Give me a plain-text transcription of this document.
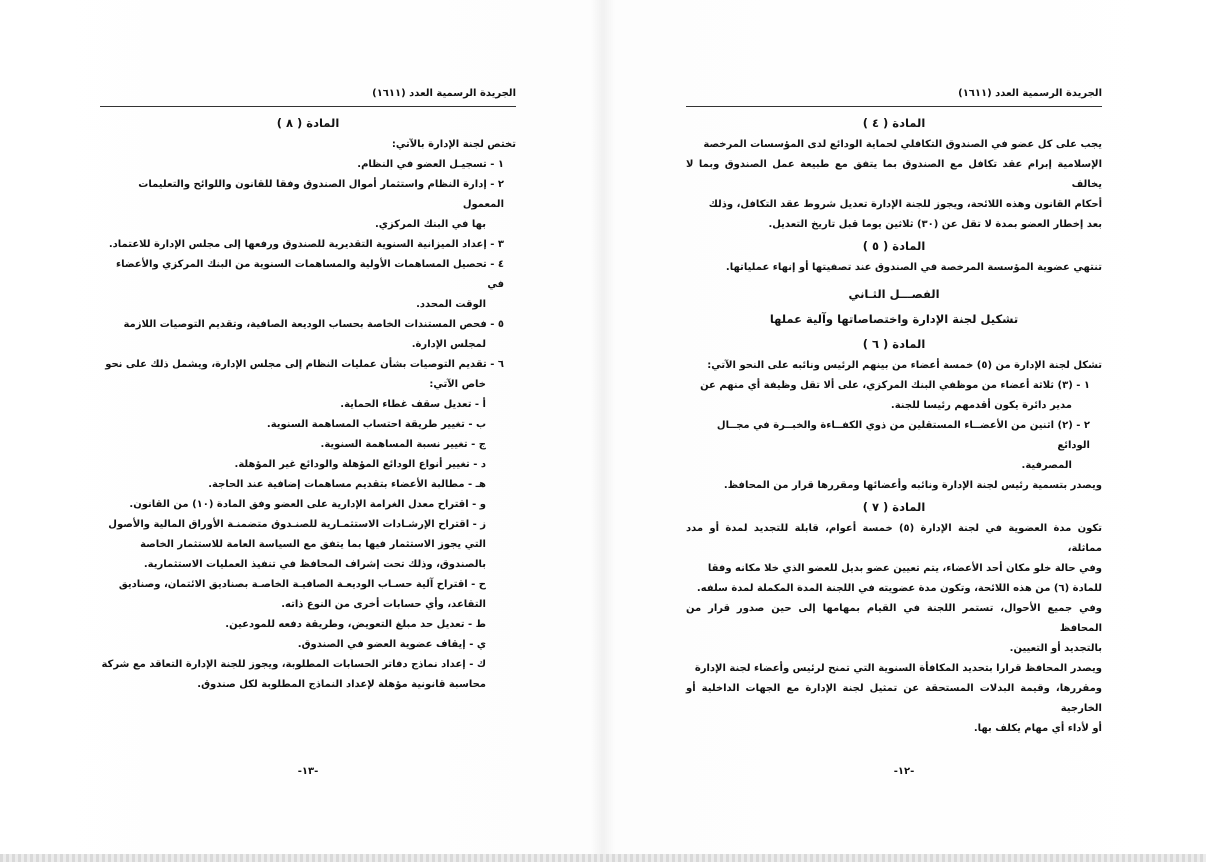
الجريدة الرسمية العدد (١٦١١)
المادة ( ٤ )
يجب على كل عضو في الصندوق التكافلي لحماية الودائع لدى المؤسسات المرخصة
الإسلامية إبرام عقد تكافل مع الصندوق بما يتفق مع طبيعة عمل الصندوق وبما لا يخالف
أحكام القانون وهذه اللائحة، ويجوز للجنة الإدارة تعديل شروط عقد التكافل، وذلك
بعد إخطار العضو بمدة لا تقل عن (٣٠) ثلاثين يوما قبل تاريخ التعديل.
المادة ( ٥ )
تنتهي عضوية المؤسسة المرخصة في الصندوق عند تصفيتها أو إنهاء عملياتها.
الفصـــل الثـاني
تشكيل لجنة الإدارة واختصاصاتها وآلية عملها
المادة ( ٦ )
تشكل لجنة الإدارة من (٥) خمسة أعضاء من بينهم الرئيس ونائبه على النحو الآتي:
١ - (٣) ثلاثة أعضاء من موظفي البنك المركزي، على ألا تقل وظيفة أي منهم عن
مدير دائرة يكون أقدمهم رئيسا للجنة.
٢ - (٢) اثنين من الأعضــاء المستقلين من ذوي الكفــاءة والخبــرة في مجــال الودائع
المصرفية.
ويصدر بتسمية رئيس لجنة الإدارة ونائبه وأعضائها ومقررها قرار من المحافظ.
المادة ( ٧ )
تكون مدة العضوية في لجنة الإدارة (٥) خمسة أعوام، قابلة للتجديد لمدة أو مدد مماثلة،
وفي حالة خلو مكان أحد الأعضاء، يتم تعيين عضو بديل للعضو الذي خلا مكانه وفقا
للمادة (٦) من هذه اللائحة، وتكون مدة عضويته في اللجنة المدة المكملة لمدة سلفه.
وفي جميع الأحوال، تستمر اللجنة في القيام بمهامها إلى حين صدور قرار من المحافظ
بالتجديد أو التعيين.
ويصدر المحافظ قرارا بتحديد المكافأة السنوية التي تمنح لرئيس وأعضاء لجنة الإدارة
ومقررها، وقيمة البدلات المستحقة عن تمثيل لجنة الإدارة مع الجهات الداخلية أو الخارجية
أو لأداء أي مهام يكلف بها.
-١٢-
الجريدة الرسمية العدد (١٦١١)
المادة ( ٨ )
تختص لجنة الإدارة بالآتي:
١ - تسجيـل العضو في النظام.
٢ - إدارة النظام واستثمار أموال الصندوق وفقا للقانون واللوائح والتعليمات المعمول
بها في البنك المركزي.
٣ - إعداد الميزانية السنوية التقديرية للصندوق ورفعها إلى مجلس الإدارة للاعتماد.
٤ - تحصيل المساهمات الأولية والمساهمات السنوية من البنك المركزي والأعضاء في
الوقت المحدد.
٥ - فحص المستندات الخاصة بحساب الوديعة الصافية، وتقديم التوصيات اللازمة
لمجلس الإدارة.
٦ - تقديم التوصيات بشأن عمليات النظام إلى مجلس الإدارة، ويشمل ذلك على نحو
خاص الآتي:
أ - تعديل سقف غطاء الحماية.
ب - تغيير طريقة احتساب المساهمة السنوية.
ج - تغيير نسبة المساهمة السنوية.
د - تغيير أنواع الودائع المؤهلة والودائع غير المؤهلة.
هـ - مطالبة الأعضاء بتقديم مساهمات إضافية عند الحاجة.
و - اقتراح معدل الغرامة الإدارية على العضو وفق المادة (١٠) من القانون.
ز - اقتراح الإرشـادات الاستثمـارية للصنـدوق متضمنـة الأوراق المالية والأصول
التي يجوز الاستثمار فيها بما يتفق مع السياسة العامة للاستثمار الخاصة
بالصندوق، وذلك تحت إشراف المحافظ في تنفيذ العمليات الاستثمارية.
ح - اقتراح آلية حسـاب الوديعـة الصافيـة الخاصـة بصناديق الائتمان، وصناديق
التقاعد، وأي حسابات أخرى من النوع ذاته.
ط - تعديل حد مبلغ التعويض، وطريقة دفعه للمودعين.
ي - إيقاف عضوية العضو في الصندوق.
ك - إعداد نماذج دفاتر الحسابات المطلوبة، ويجوز للجنة الإدارة التعاقد مع شركة
محاسبة قانونية مؤهلة لإعداد النماذج المطلوبة لكل صندوق.
-١٣-
